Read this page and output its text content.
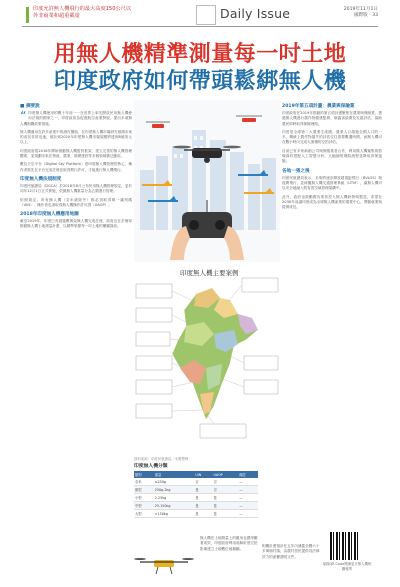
印度允許無人機飛行的最大高度150公尺以
外非商業和超重載量	Daily Issue	2019年11月1日
國際版 · 33
用無人機精準測量每一吋土地
印度政府如何帶頭鬆綁無人機
■ 摘要說
“ 印度無人機使用的數十年前一一在世界上率先開放民用無人機使用法規的國家之一，印度政府為促進航空產業發展，提出多項無人機相關政策措施。
無人機運用在許多產業中的潛在價值，在印度無人機市場研究預測未來的成長非常迅速，預計到2020年印度無人機市場規模將達到8億美元以上。
印度政府從2018年開始推動無人機監管框架，建立完善的無人機管理體系，並規劃未來在物流、農業、基礎建設等多個領域廣泛應用。
數位天空平台（Digital Sky Platform）是印度無人機管理的核心，操作者需先在平台完成註冊並取得飛行許可，才能進行無人機飛行。
印度無人機法規制度
印度民航總局（DGCA）於2018年8月公布民用無人機管理規定，並於同年12月1日正式實施，依據無人機重量分為五類進行管理。
依照規定，所有無人機（奈米級除外）都必須取得唯一識別碼（UIN），操作者也須取得無人機操作許可證（UAOP）。
2018年印度無人機應用地圖
截至2019年，印度已有超過數萬架無人機完成註冊，政府也在多個邦推動無人機土地測量計畫，以精準掌握每一吋土地的權屬資訊。
印度無人機主要案例
資料來源：印度民航總局／本報整理
印度無人機分類
類別	重量	UIN	UAOP	備註
奈米	≤250g	否	否	—
微型	250g-2kg	是	否	—
小型	2-25kg	是	是	—
中型	25-150kg	是	是	—
大型	>150kg	是	是	—
2019年第五項計畫：農業與保險業
印度政府在2019年推動的第五項計畫聚焦在農業與保險業，透過無人機進行農作物健康監測、病蟲害偵測及災損評估，協助農民即時取得保險理賠。
印度是全球第二大農業生產國，農業人口超過全國人口的一半，傳統上農作物損失的評估往往需要數週時間，而無人機可在數小時內完成大面積的空拍評估。
目前已有多家新創公司與保險業者合作，利用無人機蒐集的影像資料搭配人工智慧分析，大幅縮短理賠流程並降低詐保風險。
各地一張之後
印度民航總局表示，未來將逐步開放超視距飛行（BVLOS）與夜間飛行，並研擬無人機交通管理系統（UTM），讓無人機可以安全地融入既有的空域管理架構中。
此外，政府也鼓勵國內業者投入無人機研發與製造，希望在2030年前讓印度成為全球無人機產業的重要中心，帶動就業與經濟成長。
無人機在土地測量上的應用也獲得顯著成效，印度政府利用高解析度空拍影像建立土地數位地籍圖。
相關計畫預計在五年內涵蓋全國六十多萬個村落，為農村居民提供具法律效力的產權證明文件。
掃描QR Code閱讀更多無人機相關報導
